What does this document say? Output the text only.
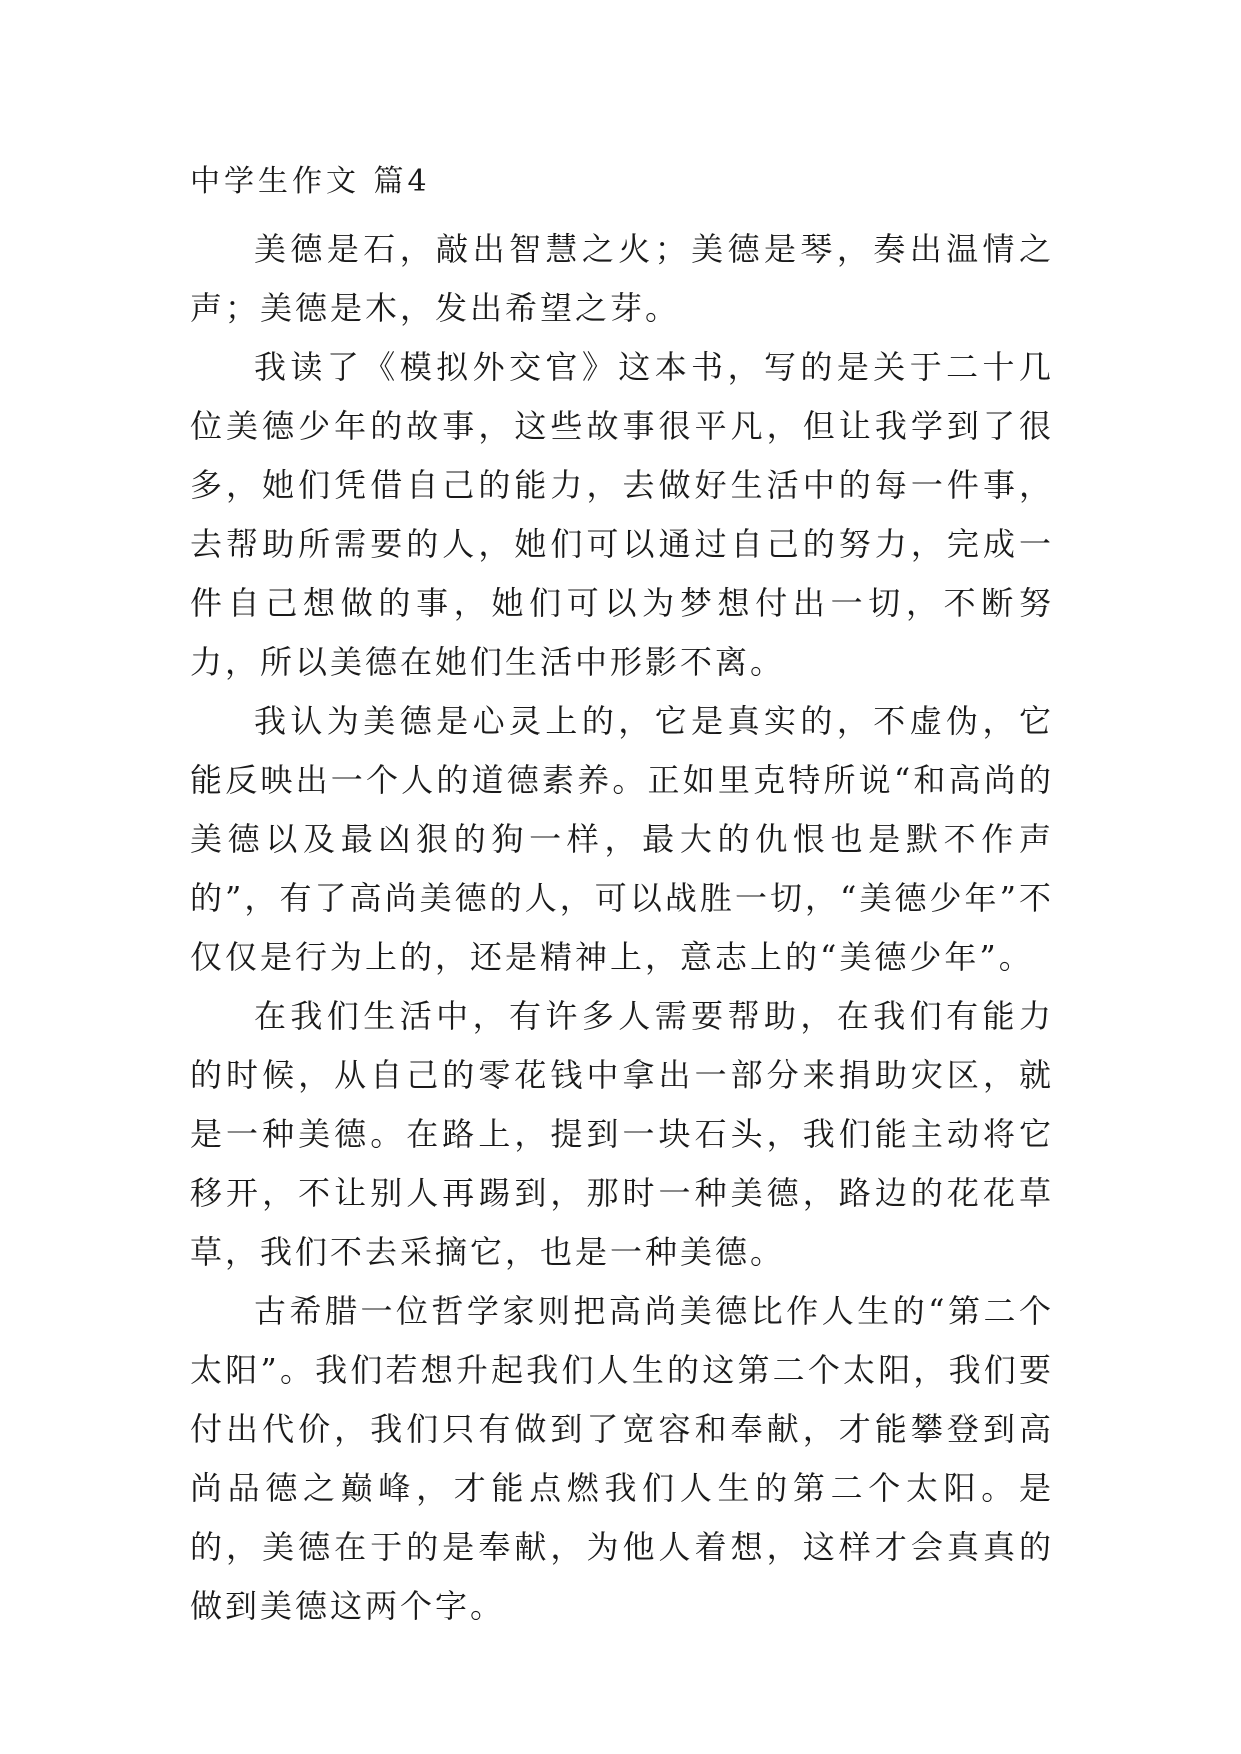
中学生作文 篇4

美德是石，敲出智慧之火；美德是琴，奏出温情之声；美德是木，发出希望之芽。

我读了《模拟外交官》这本书，写的是关于二十几位美德少年的故事，这些故事很平凡，但让我学到了很多，她们凭借自己的能力，去做好生活中的每一件事，去帮助所需要的人，她们可以通过自己的努力，完成一件自己想做的事，她们可以为梦想付出一切，不断努力，所以美德在她们生活中形影不离。

我认为美德是心灵上的，它是真实的，不虚伪，它能反映出一个人的道德素养。正如里克特所说“和高尚的美德以及最凶狠的狗一样，最大的仇恨也是默不作声的”，有了高尚美德的人，可以战胜一切，“美德少年”不仅仅是行为上的，还是精神上，意志上的“美德少年”。

在我们生活中，有许多人需要帮助，在我们有能力的时候，从自己的零花钱中拿出一部分来捐助灾区，就是一种美德。在路上，提到一块石头，我们能主动将它移开，不让别人再踢到，那时一种美德，路边的花花草草，我们不去采摘它，也是一种美德。

古希腊一位哲学家则把高尚美德比作人生的“第二个太阳”。我们若想升起我们人生的这第二个太阳，我们要付出代价，我们只有做到了宽容和奉献，才能攀登到高尚品德之巅峰，才能点燃我们人生的第二个太阳。是的，美德在于的是奉献，为他人着想，这样才会真真的做到美德这两个字。
